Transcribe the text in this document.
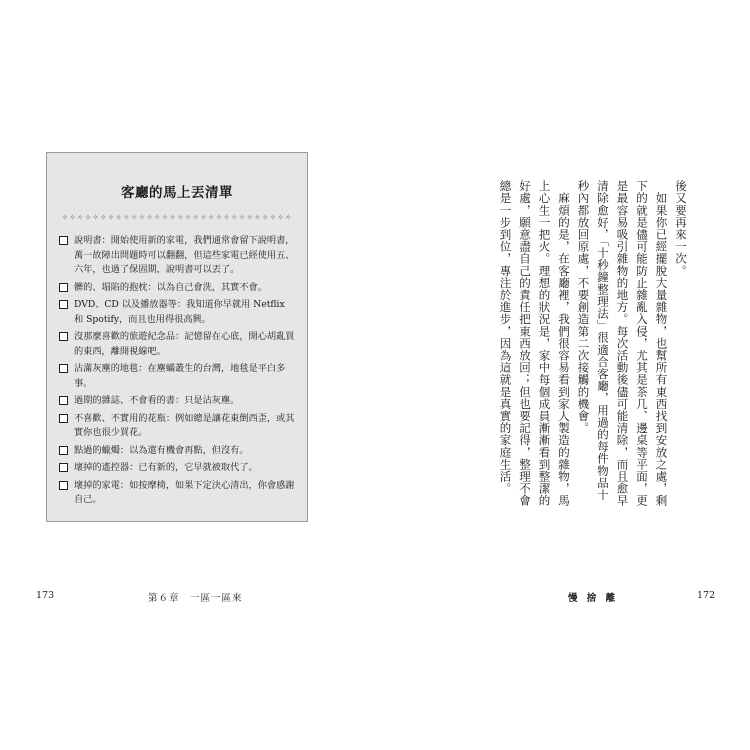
客廳的馬上丟清單
✧✧✧✧✧✧✧✧✧✧✧✧✧✧✧✧✧✧✧✧✧✧✧✧✧✧✧✧✧✧
說明書：開始使用新的家電，我們通常會留下說明書，萬一故障出問題時可以翻翻，但這些家電已經使用五、六年，也過了保固期，說明書可以丟了。
髒的、塌陷的抱枕：以為自己會洗，其實不會。
DVD、CD 以及播放器等：我知道你早就用 Netflix 和 Spotify，而且也用得很高興。
沒那麼喜歡的旅遊紀念品：記憶留在心底，開心胡亂買的東西，離開視線吧。
沾滿灰塵的地毯：在塵蟎叢生的台灣，地毯是平白多事。
過期的雜誌、不會看的書：只是沾灰塵。
不喜歡、不實用的花瓶：例如總是讓花東倒西歪，或其實你也很少買花。
點過的蠟燭：以為還有機會再點，但沒有。
壞掉的遙控器：已有新的，它早就被取代了。
壞掉的家電：如按摩椅，如果下定決心清出，你會感謝自己。
後又要再來一次。
　如果你已經擺脫大量雜物，也幫所有東西找到安放之處，剩下的就是儘可能防止雜亂入侵，尤其是茶几、邊桌等平面，更是最容易吸引雜物的地方。每次活動後儘可能清除，而且愈早清除愈好，「十秒鐘整理法」很適合客廳，用過的每件物品十秒內都放回原處，不要創造第二次接觸的機會。
　麻煩的是，在客廳裡，我們很容易看到家人製造的雜物，馬上心生一把火。理想的狀況是，家中每個成員漸漸看到整潔的好處，願意盡自己的責任把東西放回；但也要記得，整理不會總是一步到位，專注於進步，因為這就是真實的家庭生活。
173	第６章　一區一區來	慢 捨 離	172
